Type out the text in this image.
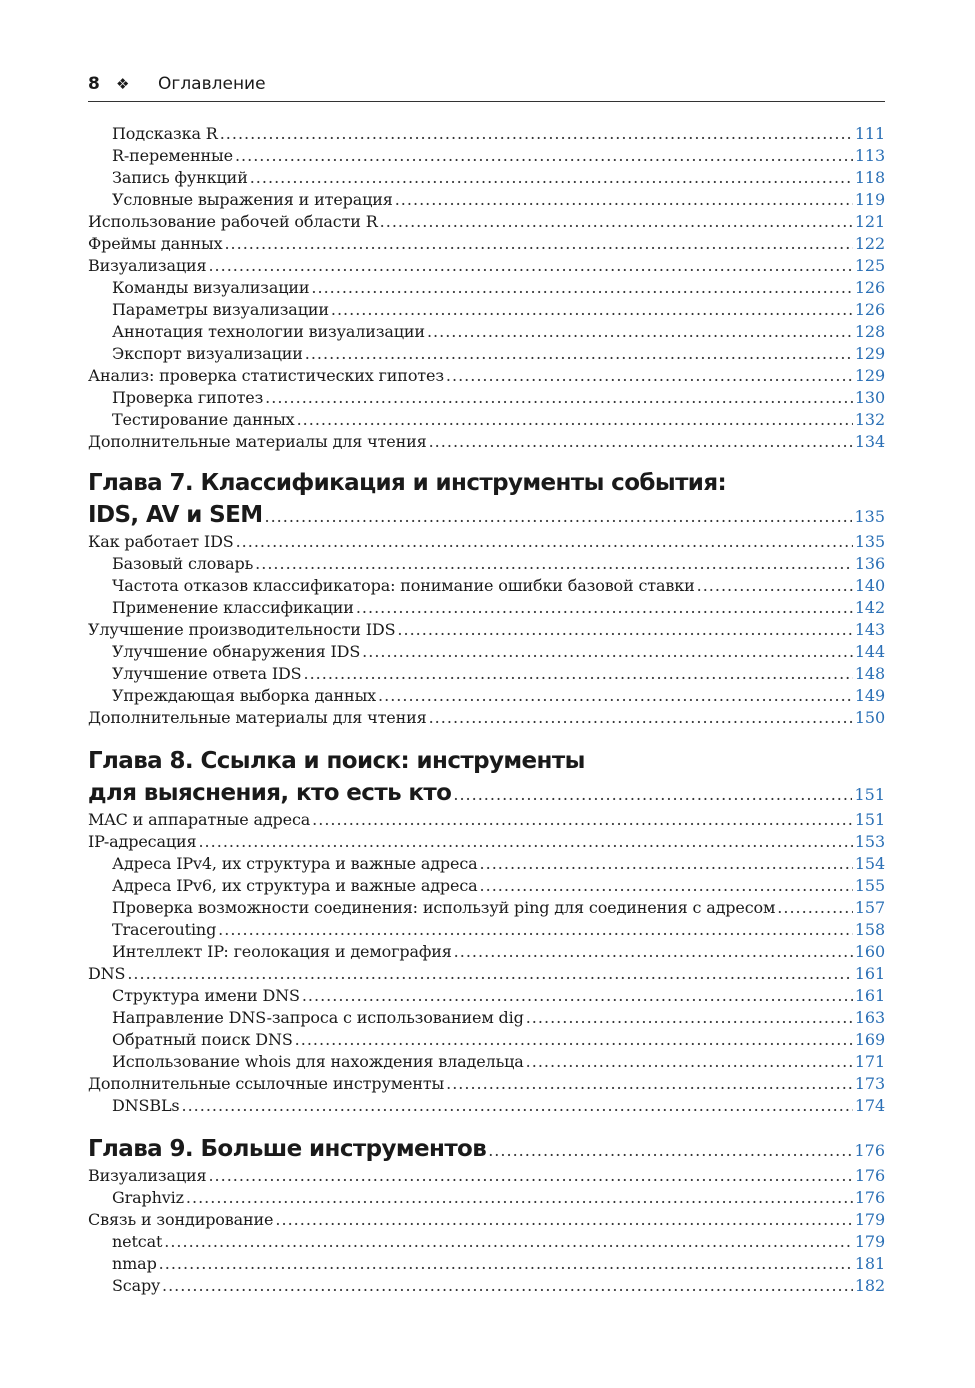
8	❖	Оглавление
Подсказка R .....	111
R-переменные .....	113
Запись функций .....	118
Условные выражения и итерация .....	119
Использование рабочей области R .....	121
Фреймы данных .....	122
Визуализация .....	125
Команды визуализации .....	126
Параметры визуализации .....	126
Аннотация технологии визуализации .....	128
Экспорт визуализации .....	129
Анализ: проверка статистических гипотез .....	129
Проверка гипотез .....	130
Тестирование данных .....	132
Дополнительные материалы для чтения .....	134
Глава 7. Классификация и инструменты события:
IDS, AV и SEM .....	135
Как работает IDS .....	135
Базовый словарь .....	136
Частота отказов классификатора: понимание ошибки базовой ставки .....	140
Применение классификации .....	142
Улучшение производительности IDS .....	143
Улучшение обнаружения IDS .....	144
Улучшение ответа IDS .....	148
Упреждающая выборка данных .....	149
Дополнительные материалы для чтения .....	150
Глава 8. Ссылка и поиск: инструменты
для выяснения, кто есть кто .....	151
MAC и аппаратные адреса .....	151
IP-адресация .....	153
Адреса IPv4, их структура и важные адреса .....	154
Адреса IPv6, их структура и важные адреса .....	155
Проверка возможности соединения: используй ping для соединения с адресом .....	157
Tracerouting .....	158
Интеллект IP: геолокация и демография .....	160
DNS .....	161
Структура имени DNS .....	161
Направление DNS-запроса с использованием dig .....	163
Обратный поиск DNS .....	169
Использование whois для нахождения владельца .....	171
Дополнительные ссылочные инструменты .....	173
DNSBLs .....	174
Глава 9. Больше инструментов .....	176
Визуализация .....	176
Graphviz .....	176
Связь и зондирование .....	179
netcat .....	179
nmap .....	181
Scapy .....	182
